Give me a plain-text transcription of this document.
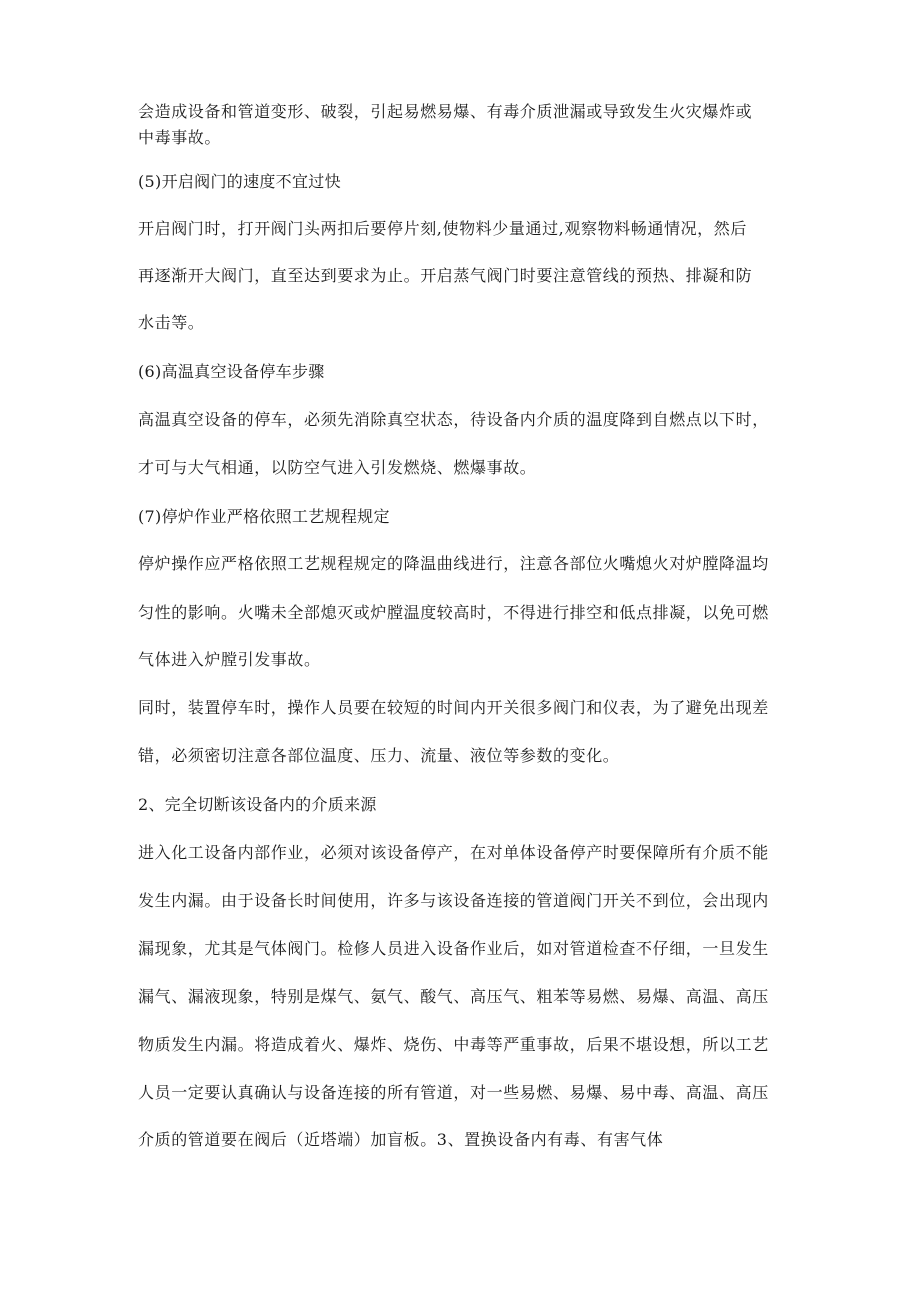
会造成设备和管道变形、破裂，引起易燃易爆、有毒介质泄漏或导致发生火灾爆炸或
中毒事故。
(5)开启阀门的速度不宜过快
开启阀门时，打开阀门头两扣后要停片刻,使物料少量通过,观察物料畅通情况，然后
再逐渐开大阀门，直至达到要求为止。开启蒸气阀门时要注意管线的预热、排凝和防
水击等。
(6)高温真空设备停车步骤
高温真空设备的停车，必须先消除真空状态，待设备内介质的温度降到自燃点以下时，
才可与大气相通，以防空气进入引发燃烧、燃爆事故。
(7)停炉作业严格依照工艺规程规定
停炉操作应严格依照工艺规程规定的降温曲线进行，注意各部位火嘴熄火对炉膛降温均
匀性的影响。火嘴未全部熄灭或炉膛温度较高时，不得进行排空和低点排凝，以免可燃
气体进入炉膛引发事故。
同时，装置停车时，操作人员要在较短的时间内开关很多阀门和仪表，为了避免出现差
错，必须密切注意各部位温度、压力、流量、液位等参数的变化。
2、完全切断该设备内的介质来源
进入化工设备内部作业，必须对该设备停产，在对单体设备停产时要保障所有介质不能
发生内漏。由于设备长时间使用，许多与该设备连接的管道阀门开关不到位，会出现内
漏现象，尤其是气体阀门。检修人员进入设备作业后，如对管道检查不仔细，一旦发生
漏气、漏液现象，特别是煤气、氨气、酸气、高压气、粗苯等易燃、易爆、高温、高压
物质发生内漏。将造成着火、爆炸、烧伤、中毒等严重事故，后果不堪设想，所以工艺
人员一定要认真确认与设备连接的所有管道，对一些易燃、易爆、易中毒、高温、高压
介质的管道要在阀后（近塔端）加盲板。3、置换设备内有毒、有害气体
